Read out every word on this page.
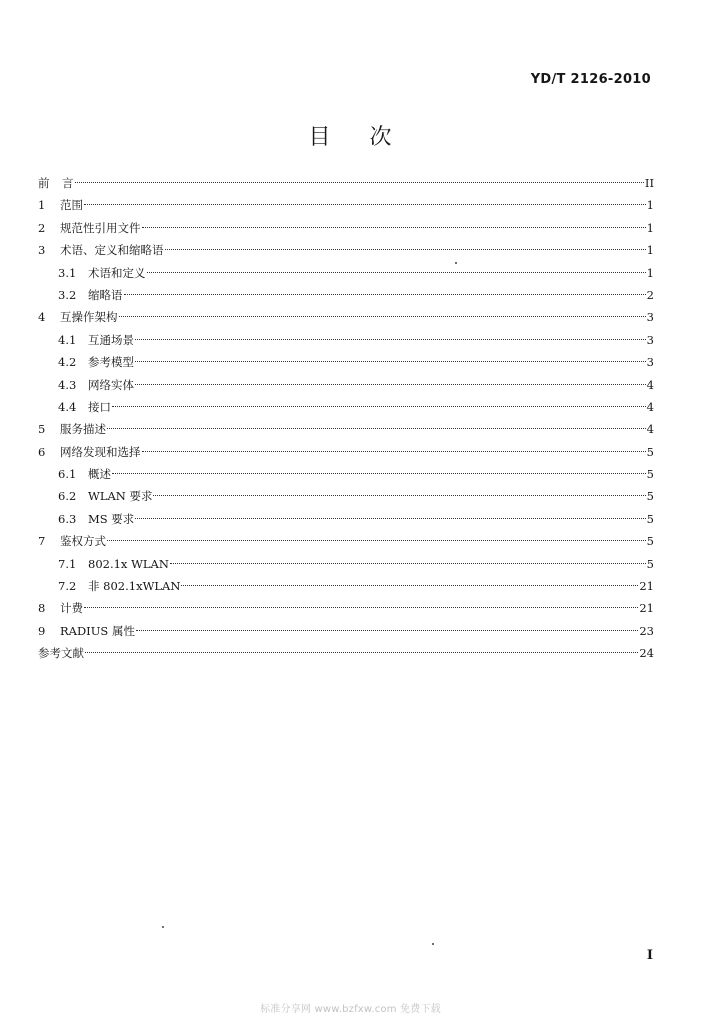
YD/T 2126-2010
目 次
前	言	II
1	范围	1
2	规范性引用文件	1
3	术语、定义和缩略语	1
3.1	术语和定义	1
3.2	缩略语	2
4	互操作架构	3
4.1	互通场景	3
4.2	参考模型	3
4.3	网络实体	4
4.4	接口	4
5	服务描述	4
6	网络发现和选择	5
6.1	概述	5
6.2	WLAN 要求	5
6.3	MS 要求	5
7	鉴权方式	5
7.1	802.1x WLAN	5
7.2	非 802.1xWLAN	21
8	计费	21
9	RADIUS 属性	23
参考文献	24
I
标准分享网 www.bzfxw.com 免费下载
